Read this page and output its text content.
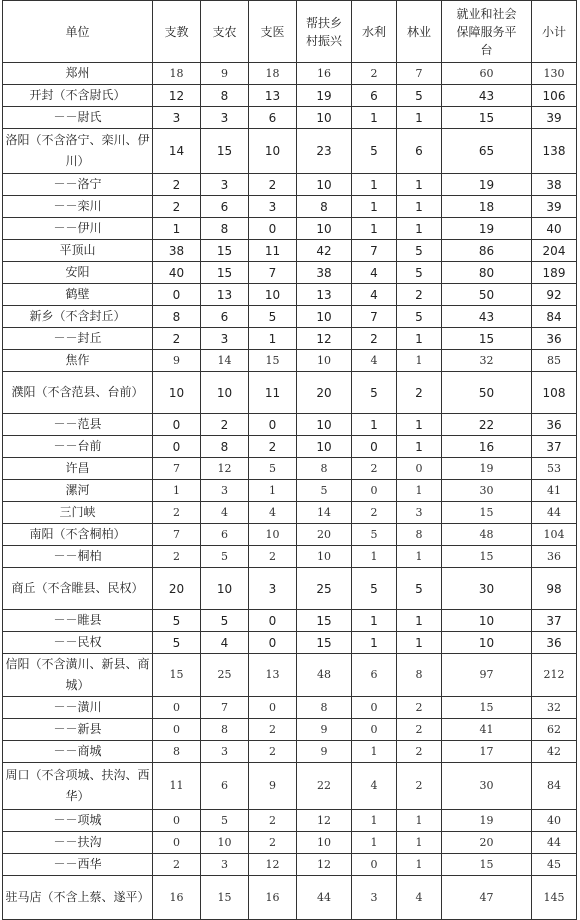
单位	支教	支农	支医	帮扶乡村振兴	水利	林业	就业和社会保障服务平台	小计
郑州	18	9	18	16	2	7	60	130
开封（不含尉氏）	12	8	13	19	6	5	43	106
－－尉氏	3	3	6	10	1	1	15	39
洛阳（不含洛宁、栾川、伊川）	14	15	10	23	5	6	65	138
－－洛宁	2	3	2	10	1	1	19	38
－－栾川	2	6	3	8	1	1	18	39
－－伊川	1	8	0	10	1	1	19	40
平顶山	38	15	11	42	7	5	86	204
安阳	40	15	7	38	4	5	80	189
鹤壁	0	13	10	13	4	2	50	92
新乡（不含封丘）	8	6	5	10	7	5	43	84
－－封丘	2	3	1	12	2	1	15	36
焦作	9	14	15	10	4	1	32	85
濮阳（不含范县、台前）	10	10	11	20	5	2	50	108
－－范县	0	2	0	10	1	1	22	36
－－台前	0	8	2	10	0	1	16	37
许昌	7	12	5	8	2	0	19	53
漯河	1	3	1	5	0	1	30	41
三门峡	2	4	4	14	2	3	15	44
南阳（不含桐柏）	7	6	10	20	5	8	48	104
－－桐柏	2	5	2	10	1	1	15	36
商丘（不含睢县、民权）	20	10	3	25	5	5	30	98
－－睢县	5	5	0	15	1	1	10	37
－－民权	5	4	0	15	1	1	10	36
信阳（不含潢川、新县、商城）	15	25	13	48	6	8	97	212
－－潢川	0	7	0	8	0	2	15	32
－－新县	0	8	2	9	0	2	41	62
－－商城	8	3	2	9	1	2	17	42
周口（不含项城、扶沟、西华）	11	6	9	22	4	2	30	84
－－项城	0	5	2	12	1	1	19	40
－－扶沟	0	10	2	10	1	1	20	44
－－西华	2	3	12	12	0	1	15	45
驻马店（不含上蔡、遂平）	16	15	16	44	3	4	47	145
